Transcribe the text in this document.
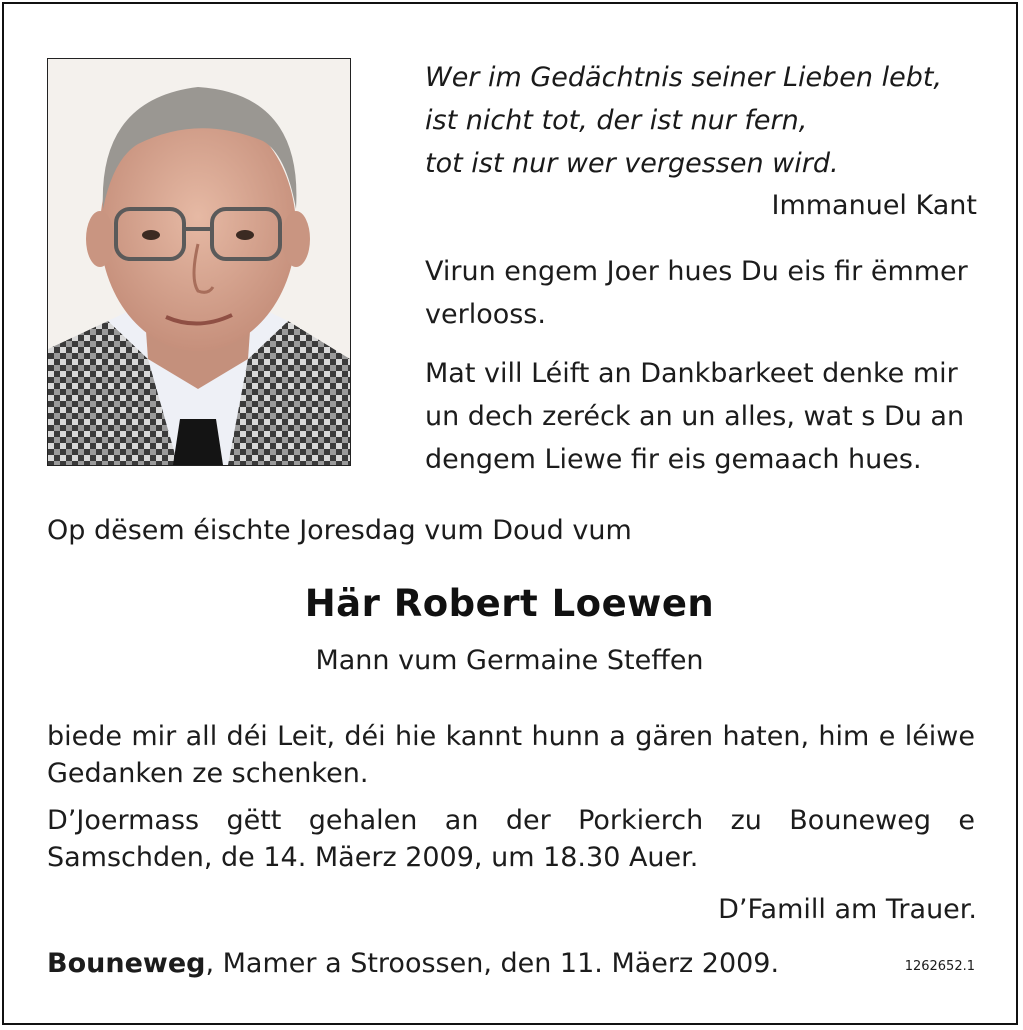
Wer im Gedächtnis seiner Lieben lebt,
ist nicht tot, der ist nur fern,
tot ist nur wer vergessen wird.
Immanuel Kant
Virun engem Joer hues Du eis fir ëmmer
verlooss.
Mat vill Léift an Dankbarkeet denke mir
un dech zeréck an un alles, wat s Du an
dengem Liewe fir eis gemaach hues.
Op dësem éischte Joresdag vum Doud vum
Här Robert Loewen
Mann vum Germaine Steffen
biede mir all déi Leit, déi hie kannt hunn a gären haten, him e léiwe
Gedanken ze schenken.
D’Joermass gëtt gehalen an der Porkierch zu Bouneweg e
Samschden, de 14. Mäerz 2009, um 18.30 Auer.
D’Famill am Trauer.
Bouneweg, Mamer a Stroossen, den 11. Mäerz 2009.	1262652.1
